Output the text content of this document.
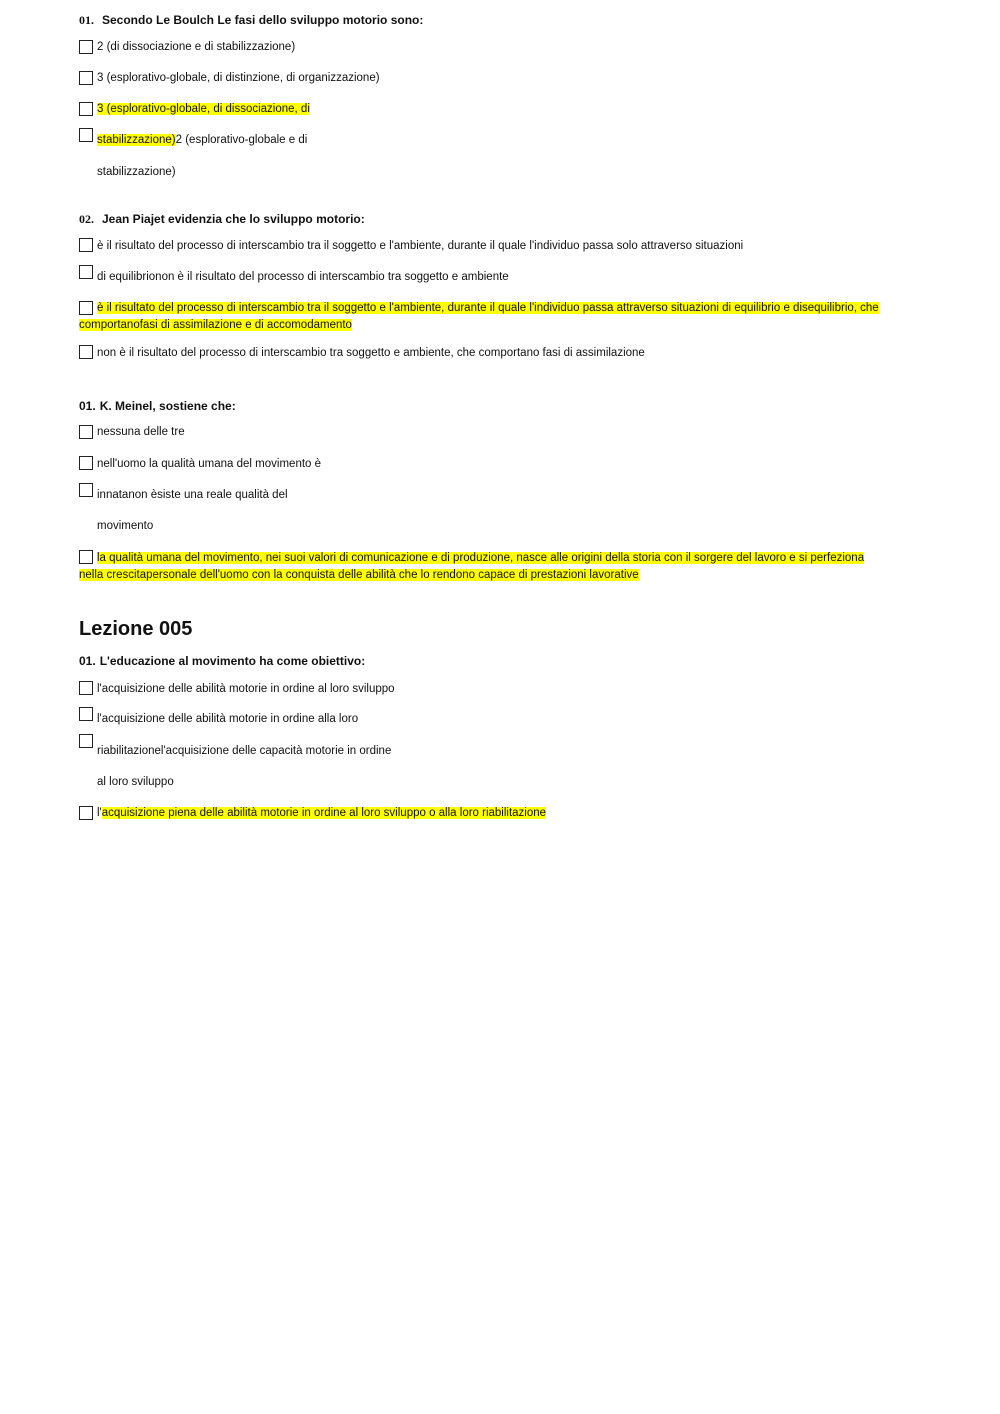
01. Secondo Le Boulch Le fasi dello sviluppo motorio sono:
2 (di dissociazione e di stabilizzazione)
3 (esplorativo-globale, di distinzione, di organizzazione)
3 (esplorativo-globale, di dissociazione, di
stabilizzazione)2 (esplorativo-globale e di
stabilizzazione)
02. Jean Piajet evidenzia che lo sviluppo motorio:
è il risultato del processo di interscambio tra il soggetto e l'ambiente, durante il quale l'individuo passa solo attraverso situazioni
di equilibrionon è il risultato del processo di interscambio tra soggetto e ambiente
è il risultato del processo di interscambio tra il soggetto e l'ambiente, durante il quale l'individuo passa attraverso situazioni di equilibrio e disequilibrio, che comportanofasi di assimilazione e di accomodamento
non è il risultato del processo di interscambio tra soggetto e ambiente, che comportano fasi di assimilazione
01. K. Meinel, sostiene che:
nessuna delle tre
nell'uomo la qualità umana del movimento è
innatanon èsiste una reale qualità del
movimento
la qualità umana del movimento, nei suoi valori di comunicazione e di produzione, nasce alle origini della storia con il sorgere del lavoro e si perfeziona nella crescitapersonale dell'uomo con la conquista delle abilità che lo rendono capace di prestazioni lavorative
Lezione 005
01. L'educazione al movimento ha come obiettivo:
l'acquisizione delle abilità motorie in ordine al loro sviluppo
l'acquisizione delle abilità motorie in ordine alla loro
riabilitazionel'acquisizione delle capacità motorie in ordine
al loro sviluppo
l'acquisizione piena delle abilità motorie in ordine al loro sviluppo o alla loro riabilitazione
